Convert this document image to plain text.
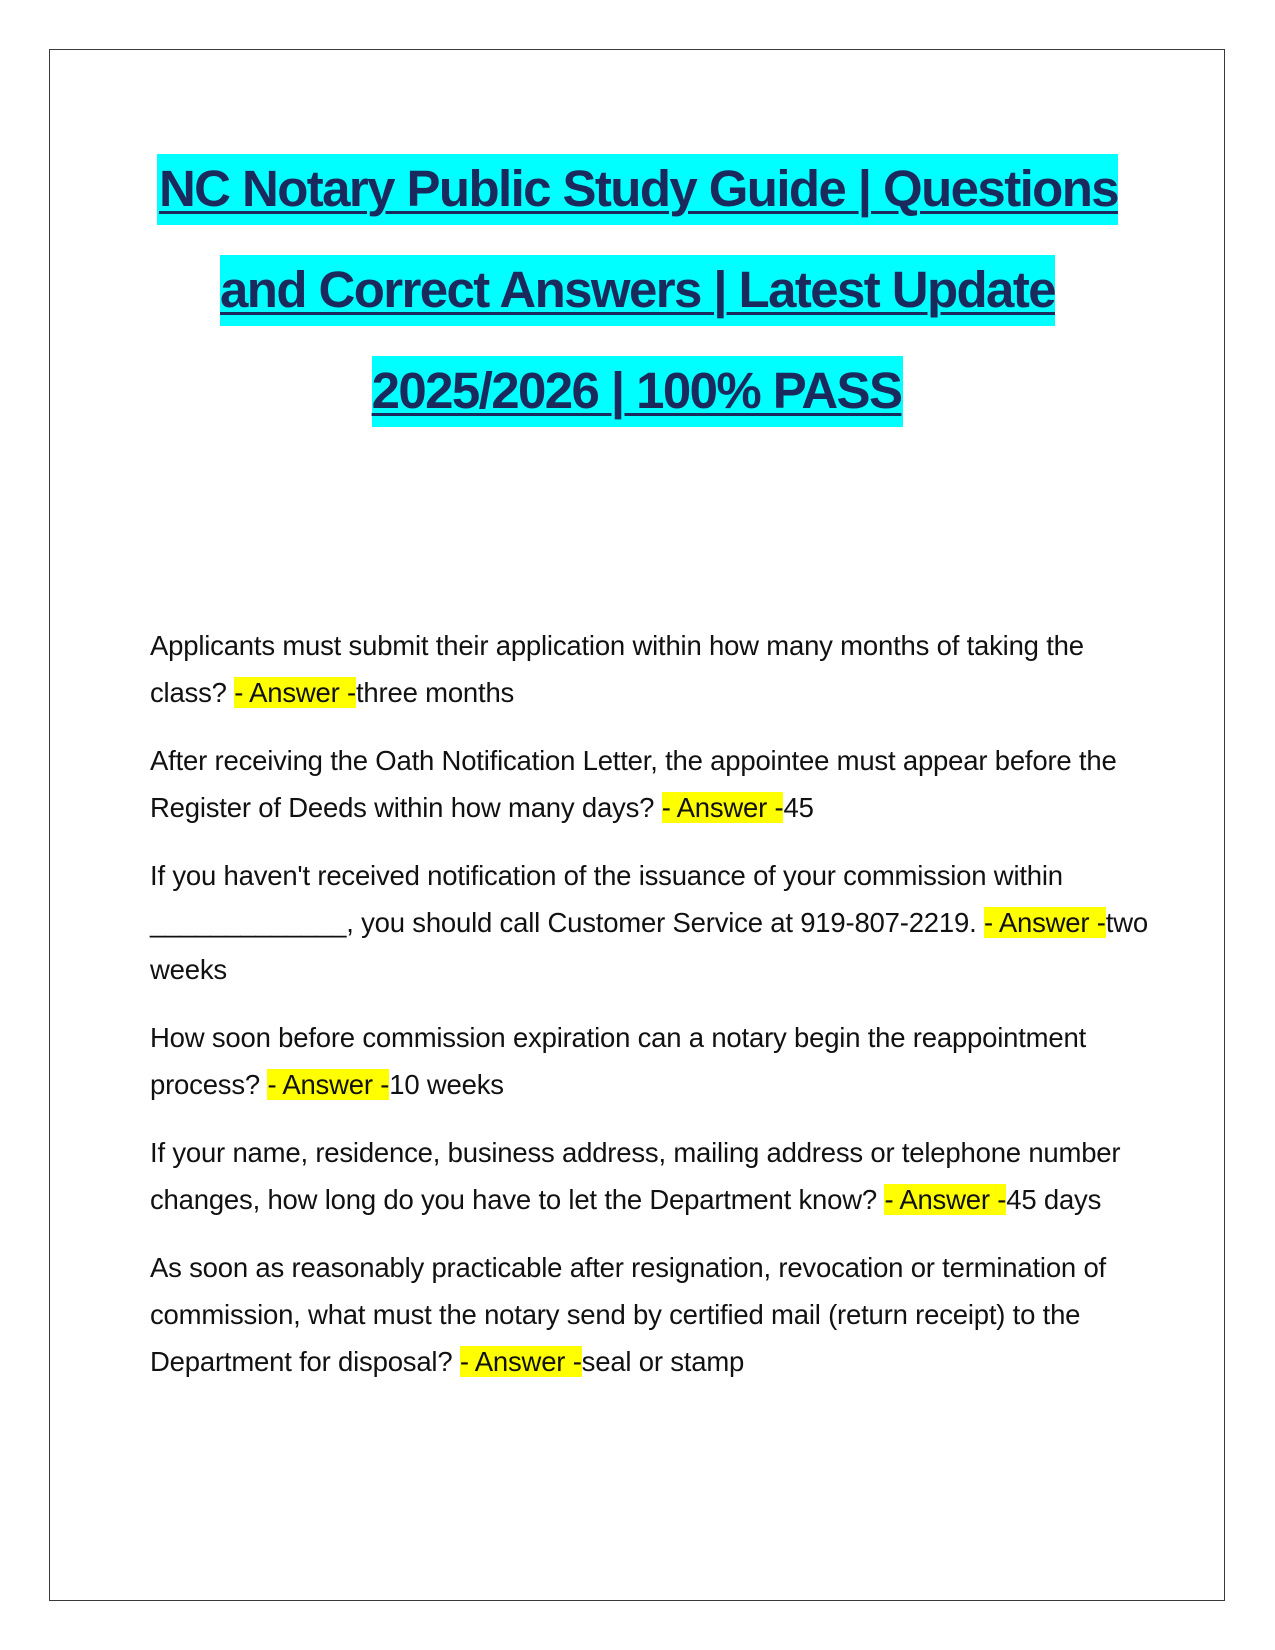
NC Notary Public Study Guide | Questions and Correct Answers | Latest Update 2025/2026 | 100% PASS

Applicants must submit their application within how many months of taking the class? - Answer -three months

After receiving the Oath Notification Letter, the appointee must appear before the Register of Deeds within how many days? - Answer -45

If you haven't received notification of the issuance of your commission within _____________, you should call Customer Service at 919-807-2219. - Answer -two weeks

How soon before commission expiration can a notary begin the reappointment process? - Answer -10 weeks

If your name, residence, business address, mailing address or telephone number changes, how long do you have to let the Department know? - Answer -45 days

As soon as reasonably practicable after resignation, revocation or termination of commission, what must the notary send by certified mail (return receipt) to the Department for disposal? - Answer -seal or stamp
